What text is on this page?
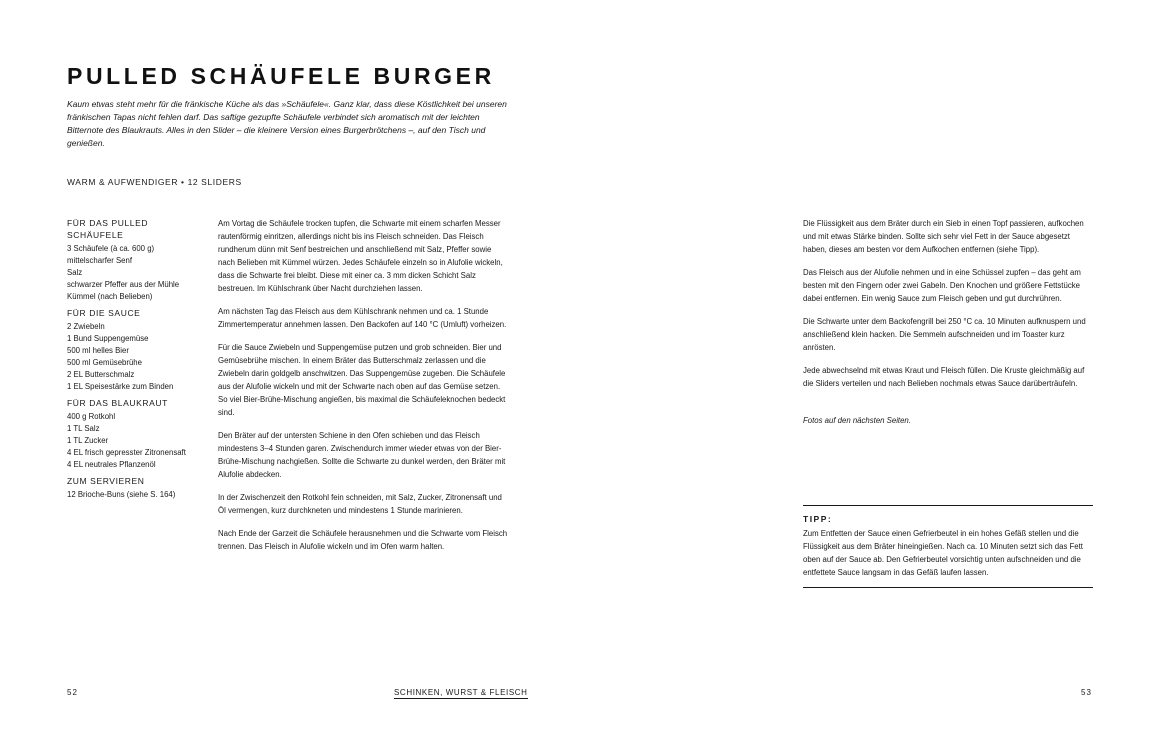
PULLED SCHÄUFELE BURGER

Kaum etwas steht mehr für die fränkische Küche als das »Schäufele«. Ganz klar, dass diese Köstlichkeit bei unseren fränkischen Tapas nicht fehlen darf. Das saftige gezupfte Schäufele verbindet sich aromatisch mit der leichten Bitternote des Blaukrauts. Alles in den Slider – die kleinere Version eines Burgerbrötchens –, auf den Tisch und genießen.

WARM & AUFWENDIGER • 12 SLIDERS

FÜR DAS PULLED SCHÄUFELE
3 Schäufele (à ca. 600 g)
mittelscharfer Senf
Salz
schwarzer Pfeffer aus der Mühle
Kümmel (nach Belieben)
FÜR DIE SAUCE
2 Zwiebeln
1 Bund Suppengemüse
500 ml helles Bier
500 ml Gemüsebrühe
2 EL Butterschmalz
1 EL Speisestärke zum Binden
FÜR DAS BLAUKRAUT
400 g Rotkohl
1 TL Salz
1 TL Zucker
4 EL frisch gepresster Zitronensaft
4 EL neutrales Pflanzenöl
ZUM SERVIEREN
12 Brioche-Buns (siehe S. 164)

Am Vortag die Schäufele trocken tupfen, die Schwarte mit einem scharfen Messer rautenförmig einritzen, allerdings nicht bis ins Fleisch schneiden. Das Fleisch rundherum dünn mit Senf bestreichen und anschließend mit Salz, Pfeffer sowie nach Belieben mit Kümmel würzen. Jedes Schäufele einzeln so in Alufolie wickeln, dass die Schwarte frei bleibt. Diese mit einer ca. 3 mm dicken Schicht Salz bestreuen. Im Kühlschrank über Nacht durchziehen lassen.

Am nächsten Tag das Fleisch aus dem Kühlschrank nehmen und ca. 1 Stunde Zimmertemperatur annehmen lassen. Den Backofen auf 140 °C (Umluft) vorheizen.

Für die Sauce Zwiebeln und Suppengemüse putzen und grob schneiden. Bier und Gemüsebrühe mischen. In einem Bräter das Butterschmalz zerlassen und die Zwiebeln darin goldgelb anschwitzen. Das Suppengemüse zugeben. Die Schäufele aus der Alufolie wickeln und mit der Schwarte nach oben auf das Gemüse setzen. So viel Bier-Brühe-Mischung angießen, bis maximal die Schäufeleknochen bedeckt sind.

Den Bräter auf der untersten Schiene in den Ofen schieben und das Fleisch mindestens 3–4 Stunden garen. Zwischendurch immer wieder etwas von der Bier-Brühe-Mischung nachgießen. Sollte die Schwarte zu dunkel werden, den Bräter mit Alufolie abdecken.

In der Zwischenzeit den Rotkohl fein schneiden, mit Salz, Zucker, Zitronensaft und Öl vermengen, kurz durchkneten und mindestens 1 Stunde marinieren.

Nach Ende der Garzeit die Schäufele herausnehmen und die Schwarte vom Fleisch trennen. Das Fleisch in Alufolie wickeln und im Ofen warm halten.

52	SCHINKEN, WURST & FLEISCH

Die Flüssigkeit aus dem Bräter durch ein Sieb in einen Topf passieren, aufkochen und mit etwas Stärke binden. Sollte sich sehr viel Fett in der Sauce abgesetzt haben, dieses am besten vor dem Aufkochen entfernen (siehe Tipp).

Das Fleisch aus der Alufolie nehmen und in eine Schüssel zupfen – das geht am besten mit den Fingern oder zwei Gabeln. Den Knochen und größere Fettstücke dabei entfernen. Ein wenig Sauce zum Fleisch geben und gut durchrühren.

Die Schwarte unter dem Backofengrill bei 250 °C ca. 10 Minuten aufknuspern und anschließend klein hacken. Die Semmeln aufschneiden und im Toaster kurz anrösten.

Jede abwechselnd mit etwas Kraut und Fleisch füllen. Die Kruste gleichmäßig auf die Sliders verteilen und nach Belieben nochmals etwas Sauce darüberträufeln.

Fotos auf den nächsten Seiten.

TIPP:

Zum Entfetten der Sauce einen Gefrierbeutel in ein hohes Gefäß stellen und die Flüssigkeit aus dem Bräter hineingießen. Nach ca. 10 Minuten setzt sich das Fett oben auf der Sauce ab. Den Gefrierbeutel vorsichtig unten aufschneiden und die entfettete Sauce langsam in das Gefäß laufen lassen.

53
